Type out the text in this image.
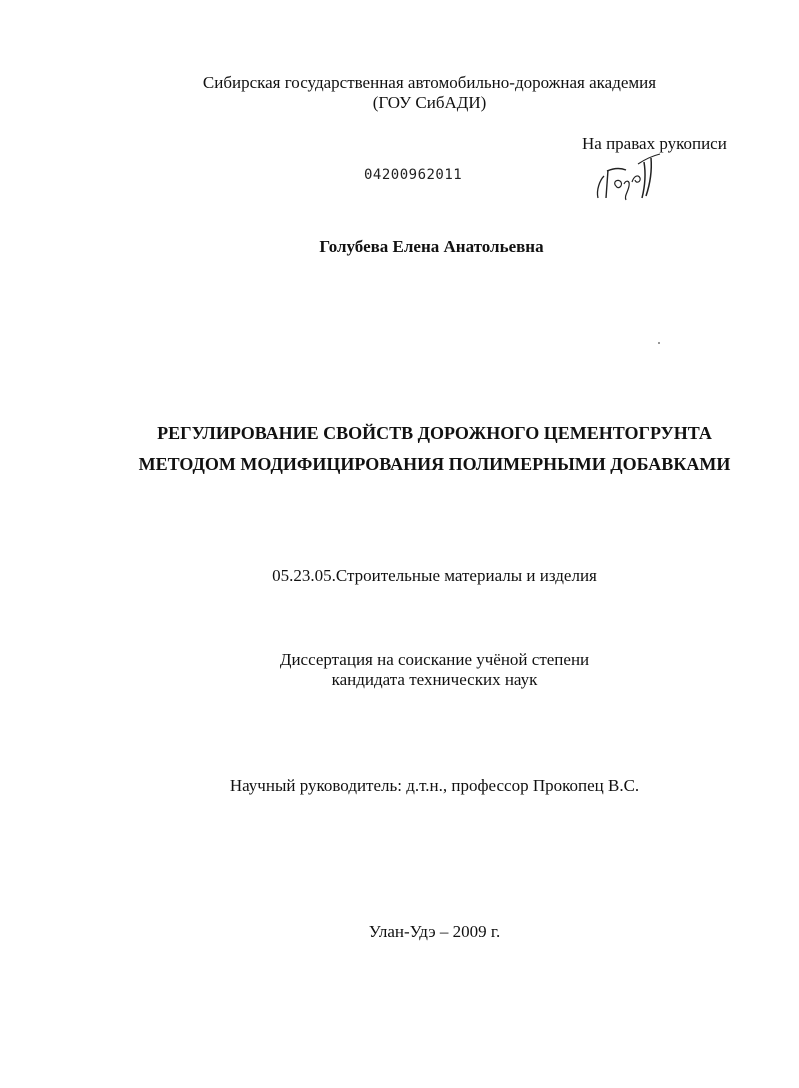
Сибирская государственная автомобильно-дорожная академия
(ГОУ СибАДИ)
На правах рукописи
04200962011
Голубева Елена Анатольевна
РЕГУЛИРОВАНИЕ СВОЙСТВ ДОРОЖНОГО ЦЕМЕНТОГРУНТА
МЕТОДОМ МОДИФИЦИРОВАНИЯ ПОЛИМЕРНЫМИ ДОБАВКАМИ
05.23.05.Строительные материалы и изделия
Диссертация на соискание учёной степени
кандидата технических наук
Научный руководитель: д.т.н., профессор Прокопец В.С.
Улан-Удэ – 2009 г.
